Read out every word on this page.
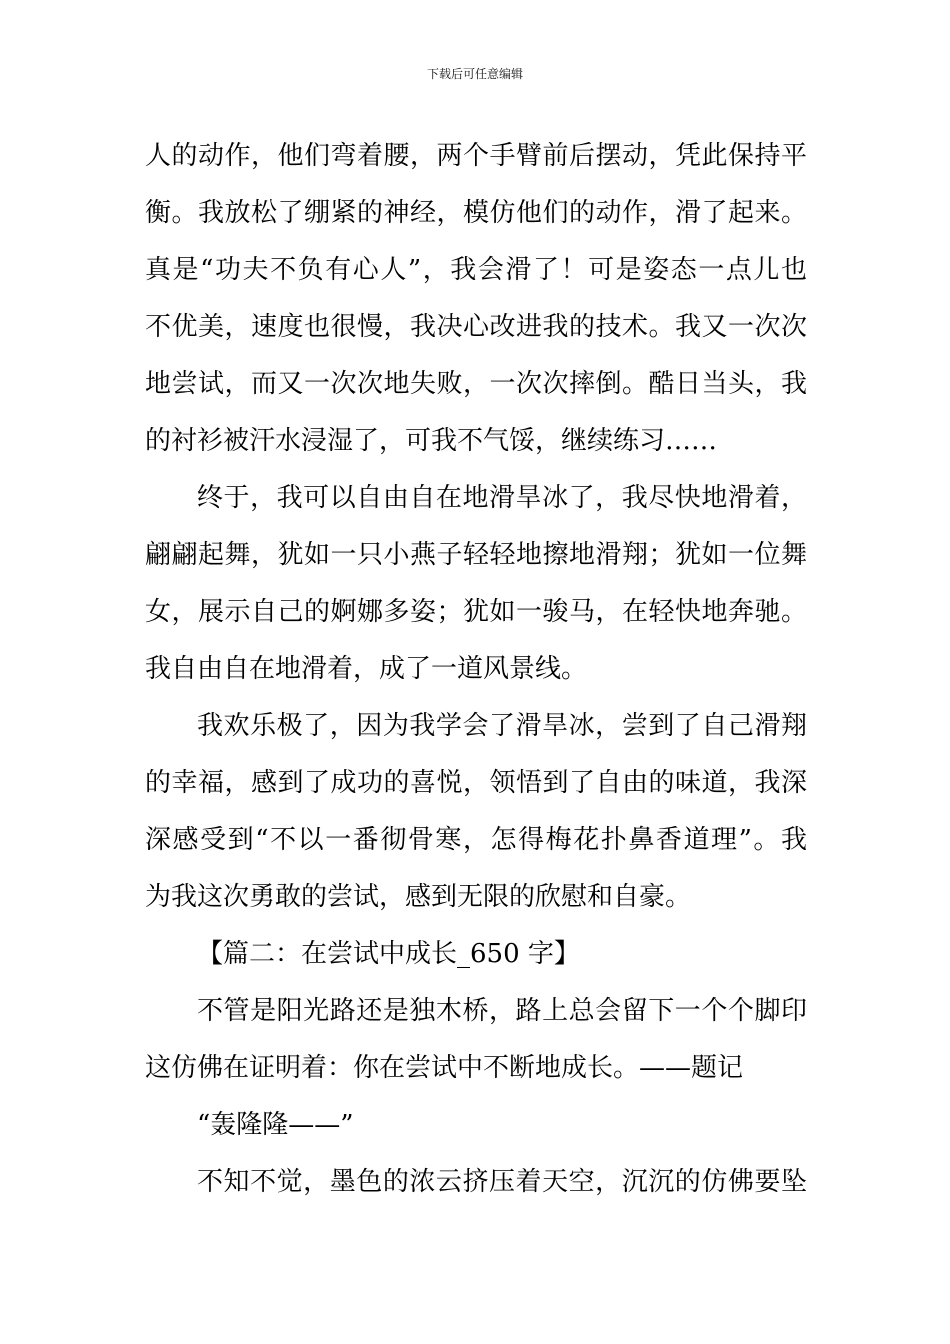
下载后可任意编辑
人的动作，他们弯着腰，两个手臂前后摆动，凭此保持平
衡。我放松了绷紧的神经，模仿他们的动作，滑了起来。
真是“功夫不负有心人”，我会滑了！可是姿态一点儿也
不优美，速度也很慢，我决心改进我的技术。我又一次次
地尝试，而又一次次地失败，一次次摔倒。酷日当头，我
的衬衫被汗水浸湿了，可我不气馁，继续练习……
终于，我可以自由自在地滑旱冰了，我尽快地滑着，
翩翩起舞，犹如一只小燕子轻轻地擦地滑翔；犹如一位舞
女，展示自己的婀娜多姿；犹如一骏马，在轻快地奔驰。
我自由自在地滑着，成了一道风景线。
我欢乐极了，因为我学会了滑旱冰，尝到了自己滑翔
的幸福，感到了成功的喜悦，领悟到了自由的味道，我深
深感受到“不以一番彻骨寒，怎得梅花扑鼻香道理”。我
为我这次勇敢的尝试，感到无限的欣慰和自豪。
【篇二：在尝试中成长_650 字】
不管是阳光路还是独木桥，路上总会留下一个个脚印
这仿佛在证明着：你在尝试中不断地成长。——题记
“轰隆隆——”
不知不觉，墨色的浓云挤压着天空，沉沉的仿佛要坠
